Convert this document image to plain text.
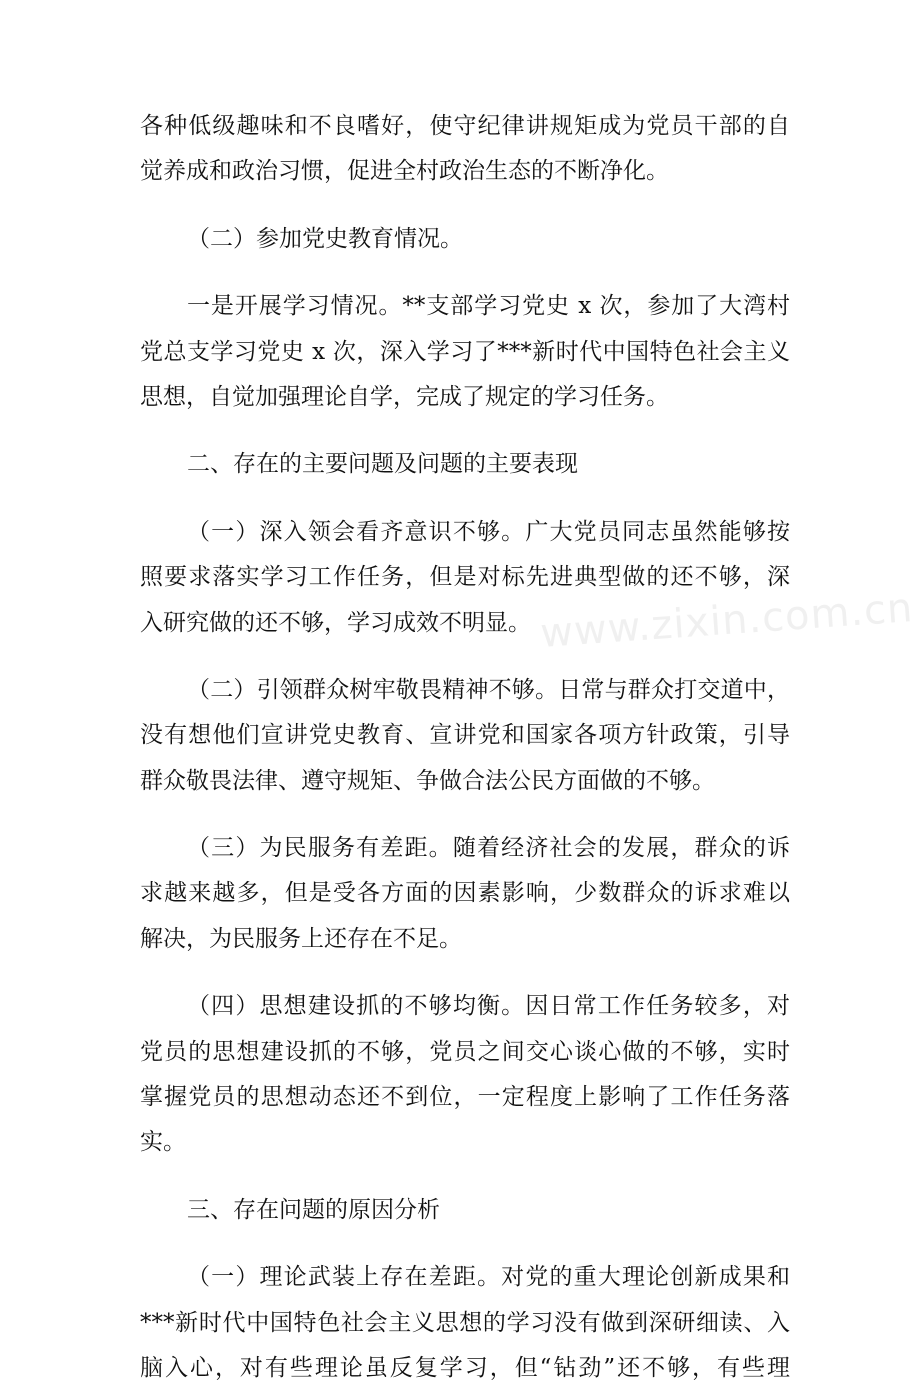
各种低级趣味和不良嗜好，使守纪律讲规矩成为党员干部的自
觉养成和政治习惯，促进全村政治生态的不断净化。
（二）参加党史教育情况。
一是开展学习情况。**支部学习党史 x 次，参加了大湾村
党总支学习党史 x 次，深入学习了***新时代中国特色社会主义
思想，自觉加强理论自学，完成了规定的学习任务。
二、存在的主要问题及问题的主要表现
（一）深入领会看齐意识不够。广大党员同志虽然能够按
照要求落实学习工作任务，但是对标先进典型做的还不够，深
入研究做的还不够，学习成效不明显。
（二）引领群众树牢敬畏精神不够。日常与群众打交道中，
没有想他们宣讲党史教育、宣讲党和国家各项方针政策，引导
群众敬畏法律、遵守规矩、争做合法公民方面做的不够。
（三）为民服务有差距。随着经济社会的发展，群众的诉
求越来越多，但是受各方面的因素影响，少数群众的诉求难以
解决，为民服务上还存在不足。
（四）思想建设抓的不够均衡。因日常工作任务较多，对
党员的思想建设抓的不够，党员之间交心谈心做的不够，实时
掌握党员的思想动态还不到位，一定程度上影响了工作任务落
实。
三、存在问题的原因分析
（一）理论武装上存在差距。对党的重大理论创新成果和
***新时代中国特色社会主义思想的学习没有做到深研细读、入
脑入心，对有些理论虽反复学习，但“钻劲”还不够，有些理
www.zixin.com.cn
